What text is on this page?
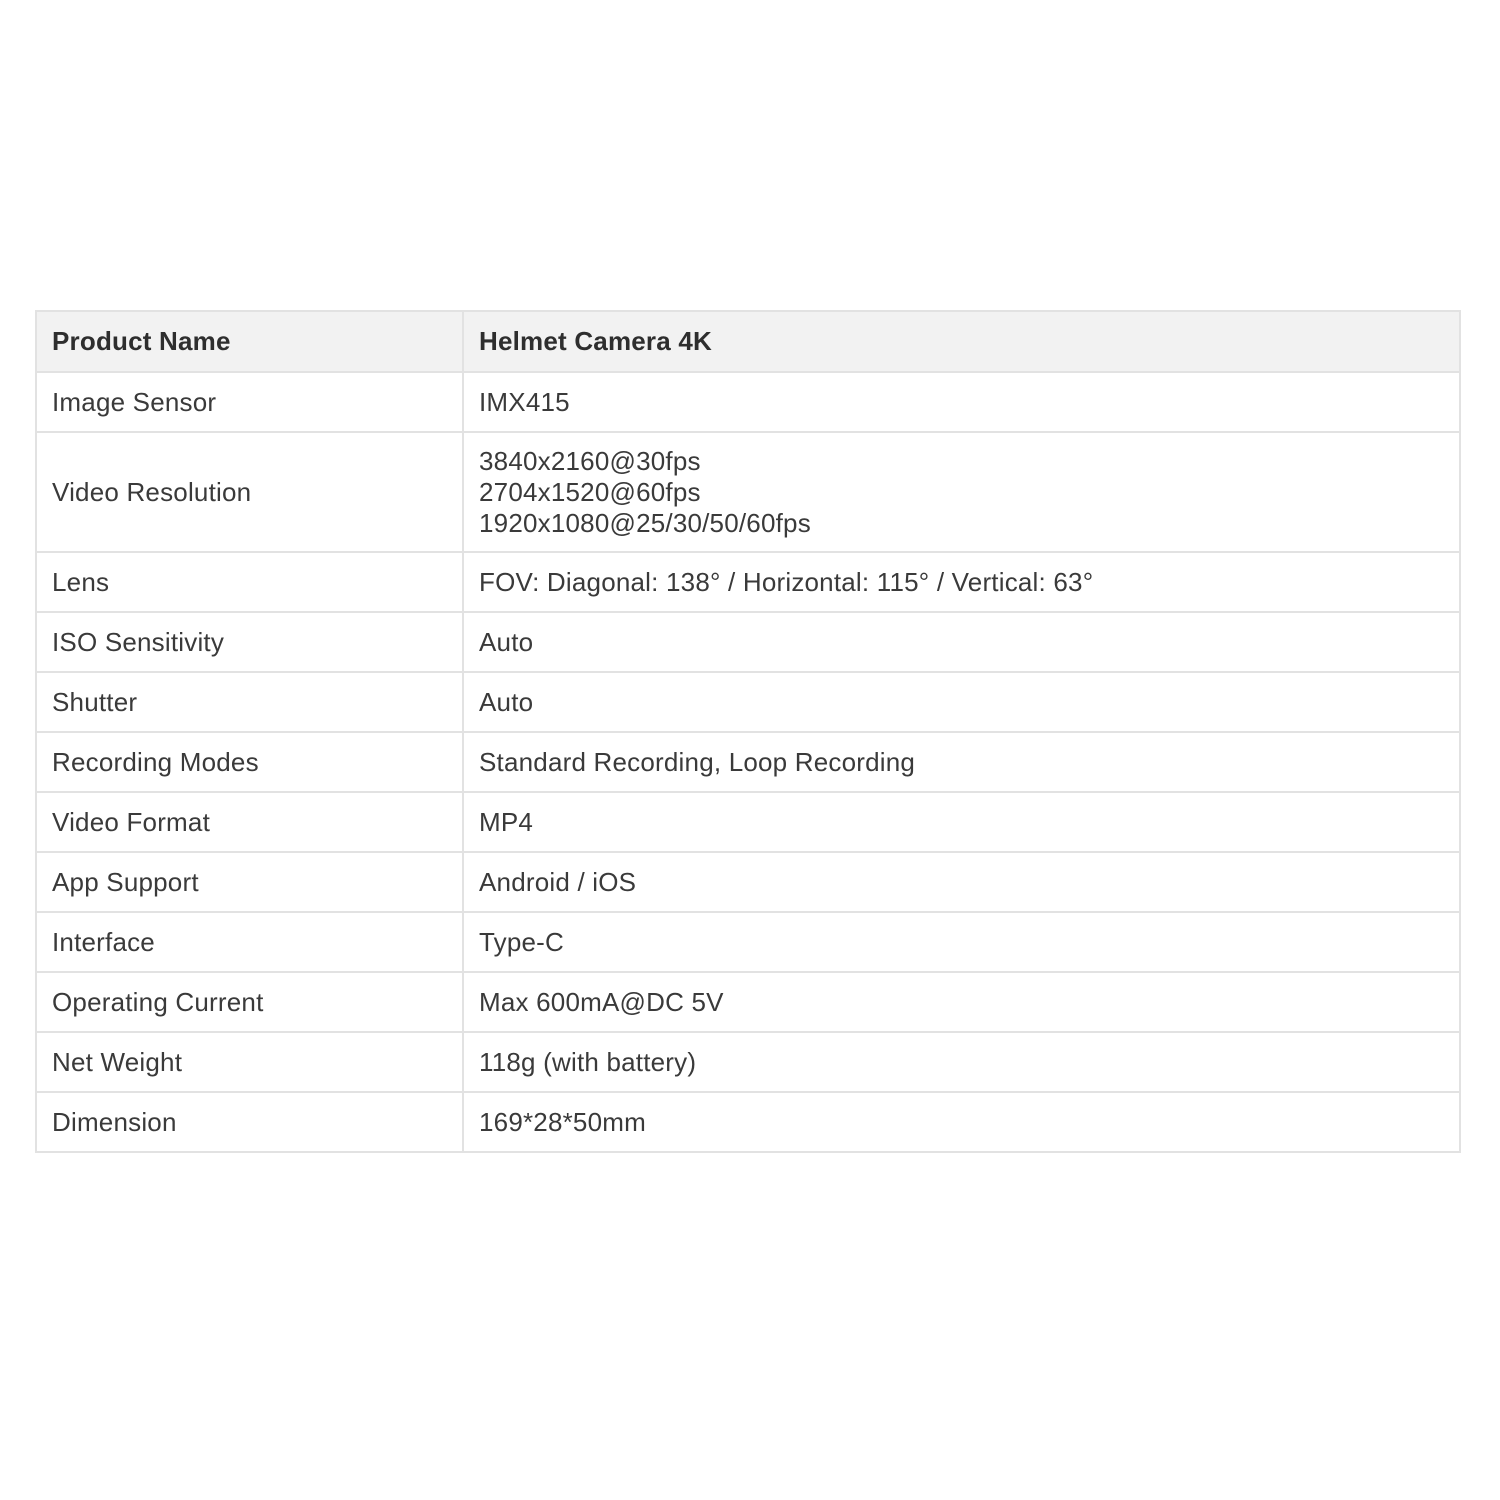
Product Name	Helmet Camera 4K
Image Sensor	IMX415

Video Resolution	3840x2160@30fps
2704x1520@60fps
1920x1080@25/30/50/60fps

Lens	FOV: Diagonal: 138° / Horizontal: 115° / Vertical: 63°

ISO Sensitivity	Auto

Shutter	Auto

Recording Modes	Standard Recording, Loop Recording

Video Format	MP4

App Support	Android / iOS

Interface	Type-C

Operating Current	Max 600mA@DC 5V

Net Weight	118g (with battery)

Dimension	169*28*50mm
